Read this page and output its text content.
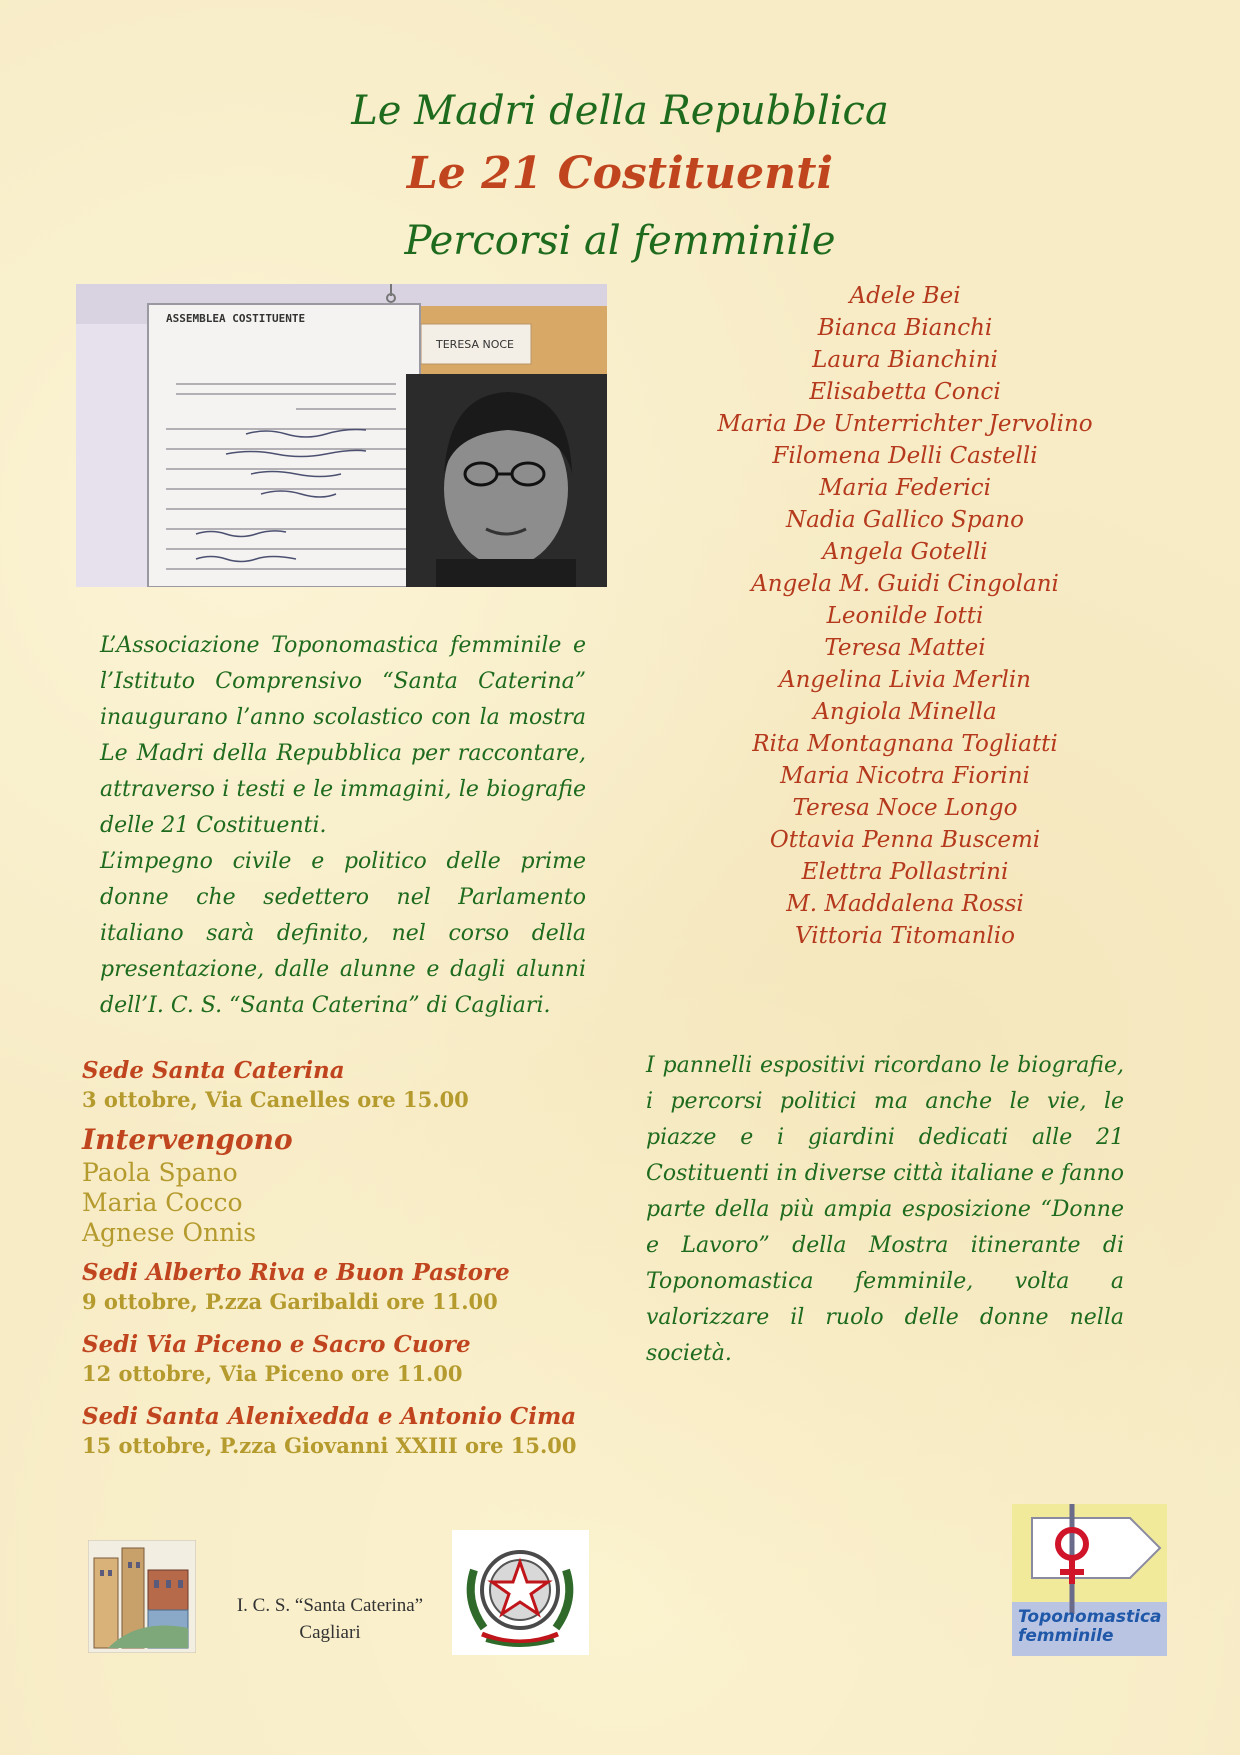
Le Madri della Repubblica
Le 21 Costituenti
Percorsi al femminile
ASSEMBLEA COSTITUENTE
TERESA NOCE
Adele Bei
Bianca Bianchi
Laura Bianchini
Elisabetta Conci
Maria De Unterrichter Jervolino
Filomena Delli Castelli
Maria Federici
Nadia Gallico Spano
Angela Gotelli
Angela M. Guidi Cingolani
Leonilde Iotti
Teresa Mattei
Angelina Livia Merlin
Angiola Minella
Rita Montagnana Togliatti
Maria Nicotra Fiorini
Teresa Noce Longo
Ottavia Penna Buscemi
Elettra Pollastrini
M. Maddalena Rossi
Vittoria Titomanlio

L’Associazione Toponomastica femminile e l’Istituto Comprensivo “Santa Caterina” inaugurano l’anno scolastico con la mostra Le Madri della Repubblica per raccontare, attraverso i testi e le immagini, le biografie delle 21 Costituenti.

L’impegno civile e politico delle prime donne che sedettero nel Parlamento italiano sarà definito, nel corso della presentazione, dalle alunne e dagli alunni dell’I. C. S. “Santa Caterina” di Cagliari.

Sede Santa Caterina
3 ottobre, Via Canelles ore 15.00
Intervengono
Paola Spano
Maria Cocco
Agnese Onnis
Sedi Alberto Riva e Buon Pastore
9 ottobre, P.zza Garibaldi ore 11.00
Sedi Via Piceno e Sacro Cuore
12 ottobre, Via Piceno ore 11.00
Sedi Santa Alenixedda e Antonio Cima
15 ottobre, P.zza Giovanni XXIII ore 15.00
I pannelli espositivi ricordano le biografie, i percorsi politici ma anche le vie, le piazze e i giardini dedicati alle 21 Costituenti in diverse città italiane e fanno parte della più ampia esposizione “Donne e Lavoro” della Mostra itinerante di Toponomastica femminile, volta a valorizzare il ruolo delle donne nella società.
I. C. S. “Santa Caterina”
Cagliari
Toponomastica
femminile
